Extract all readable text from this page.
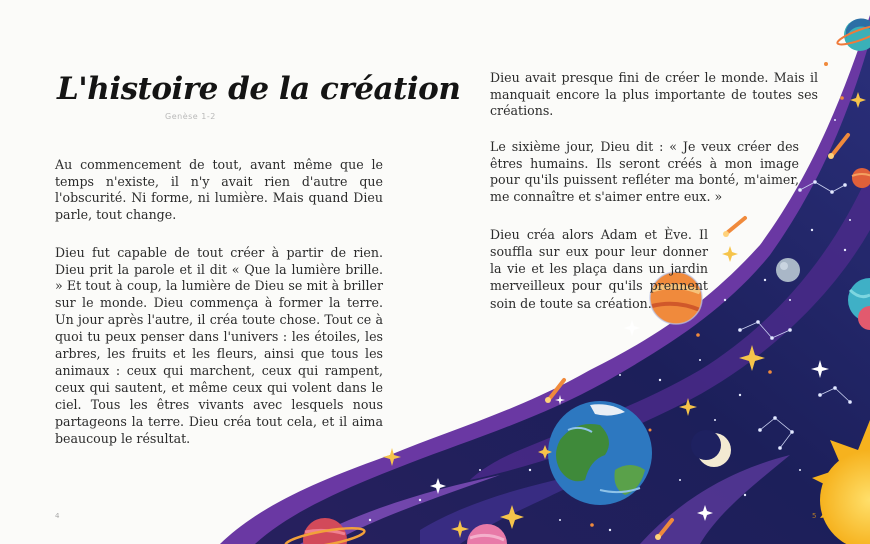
L'histoire de la création
Genèse 1-2

Au commencement de tout, avant même que le temps n'existe, il n'y avait rien d'autre que l'obscurité. Ni forme, ni lumière. Mais quand Dieu parle, tout change.

Dieu fut capable de tout créer à partir de rien. Dieu prit la parole et il dit « Que la lumière brille. » Et tout à coup, la lumière de Dieu se mit à briller sur le monde. Dieu commença à former la terre. Un jour après l'autre, il créa toute chose. Tout ce à quoi tu peux penser dans l'univers : les étoiles, les arbres, les fruits et les fleurs, ainsi que tous les animaux : ceux qui marchent, ceux qui rampent, ceux qui sautent, et même ceux qui volent dans le ciel. Tous les êtres vivants avec lesquels nous partageons la terre. Dieu créa tout cela, et il aima beaucoup le résultat.

Dieu avait presque fini de créer le monde. Mais il manquait encore la plus importante de toutes ses créations.

Le sixième jour, Dieu dit : « Je veux créer des êtres humains. Ils seront créés à mon image pour qu'ils puissent refléter ma bonté, m'aimer, me connaître et s'aimer entre eux. »

Dieu créa alors Adam et Ève. Il souffla sur eux pour leur donner la vie et les plaça dans un jardin merveilleux pour qu'ils prennent soin de toute sa création.

4	5
